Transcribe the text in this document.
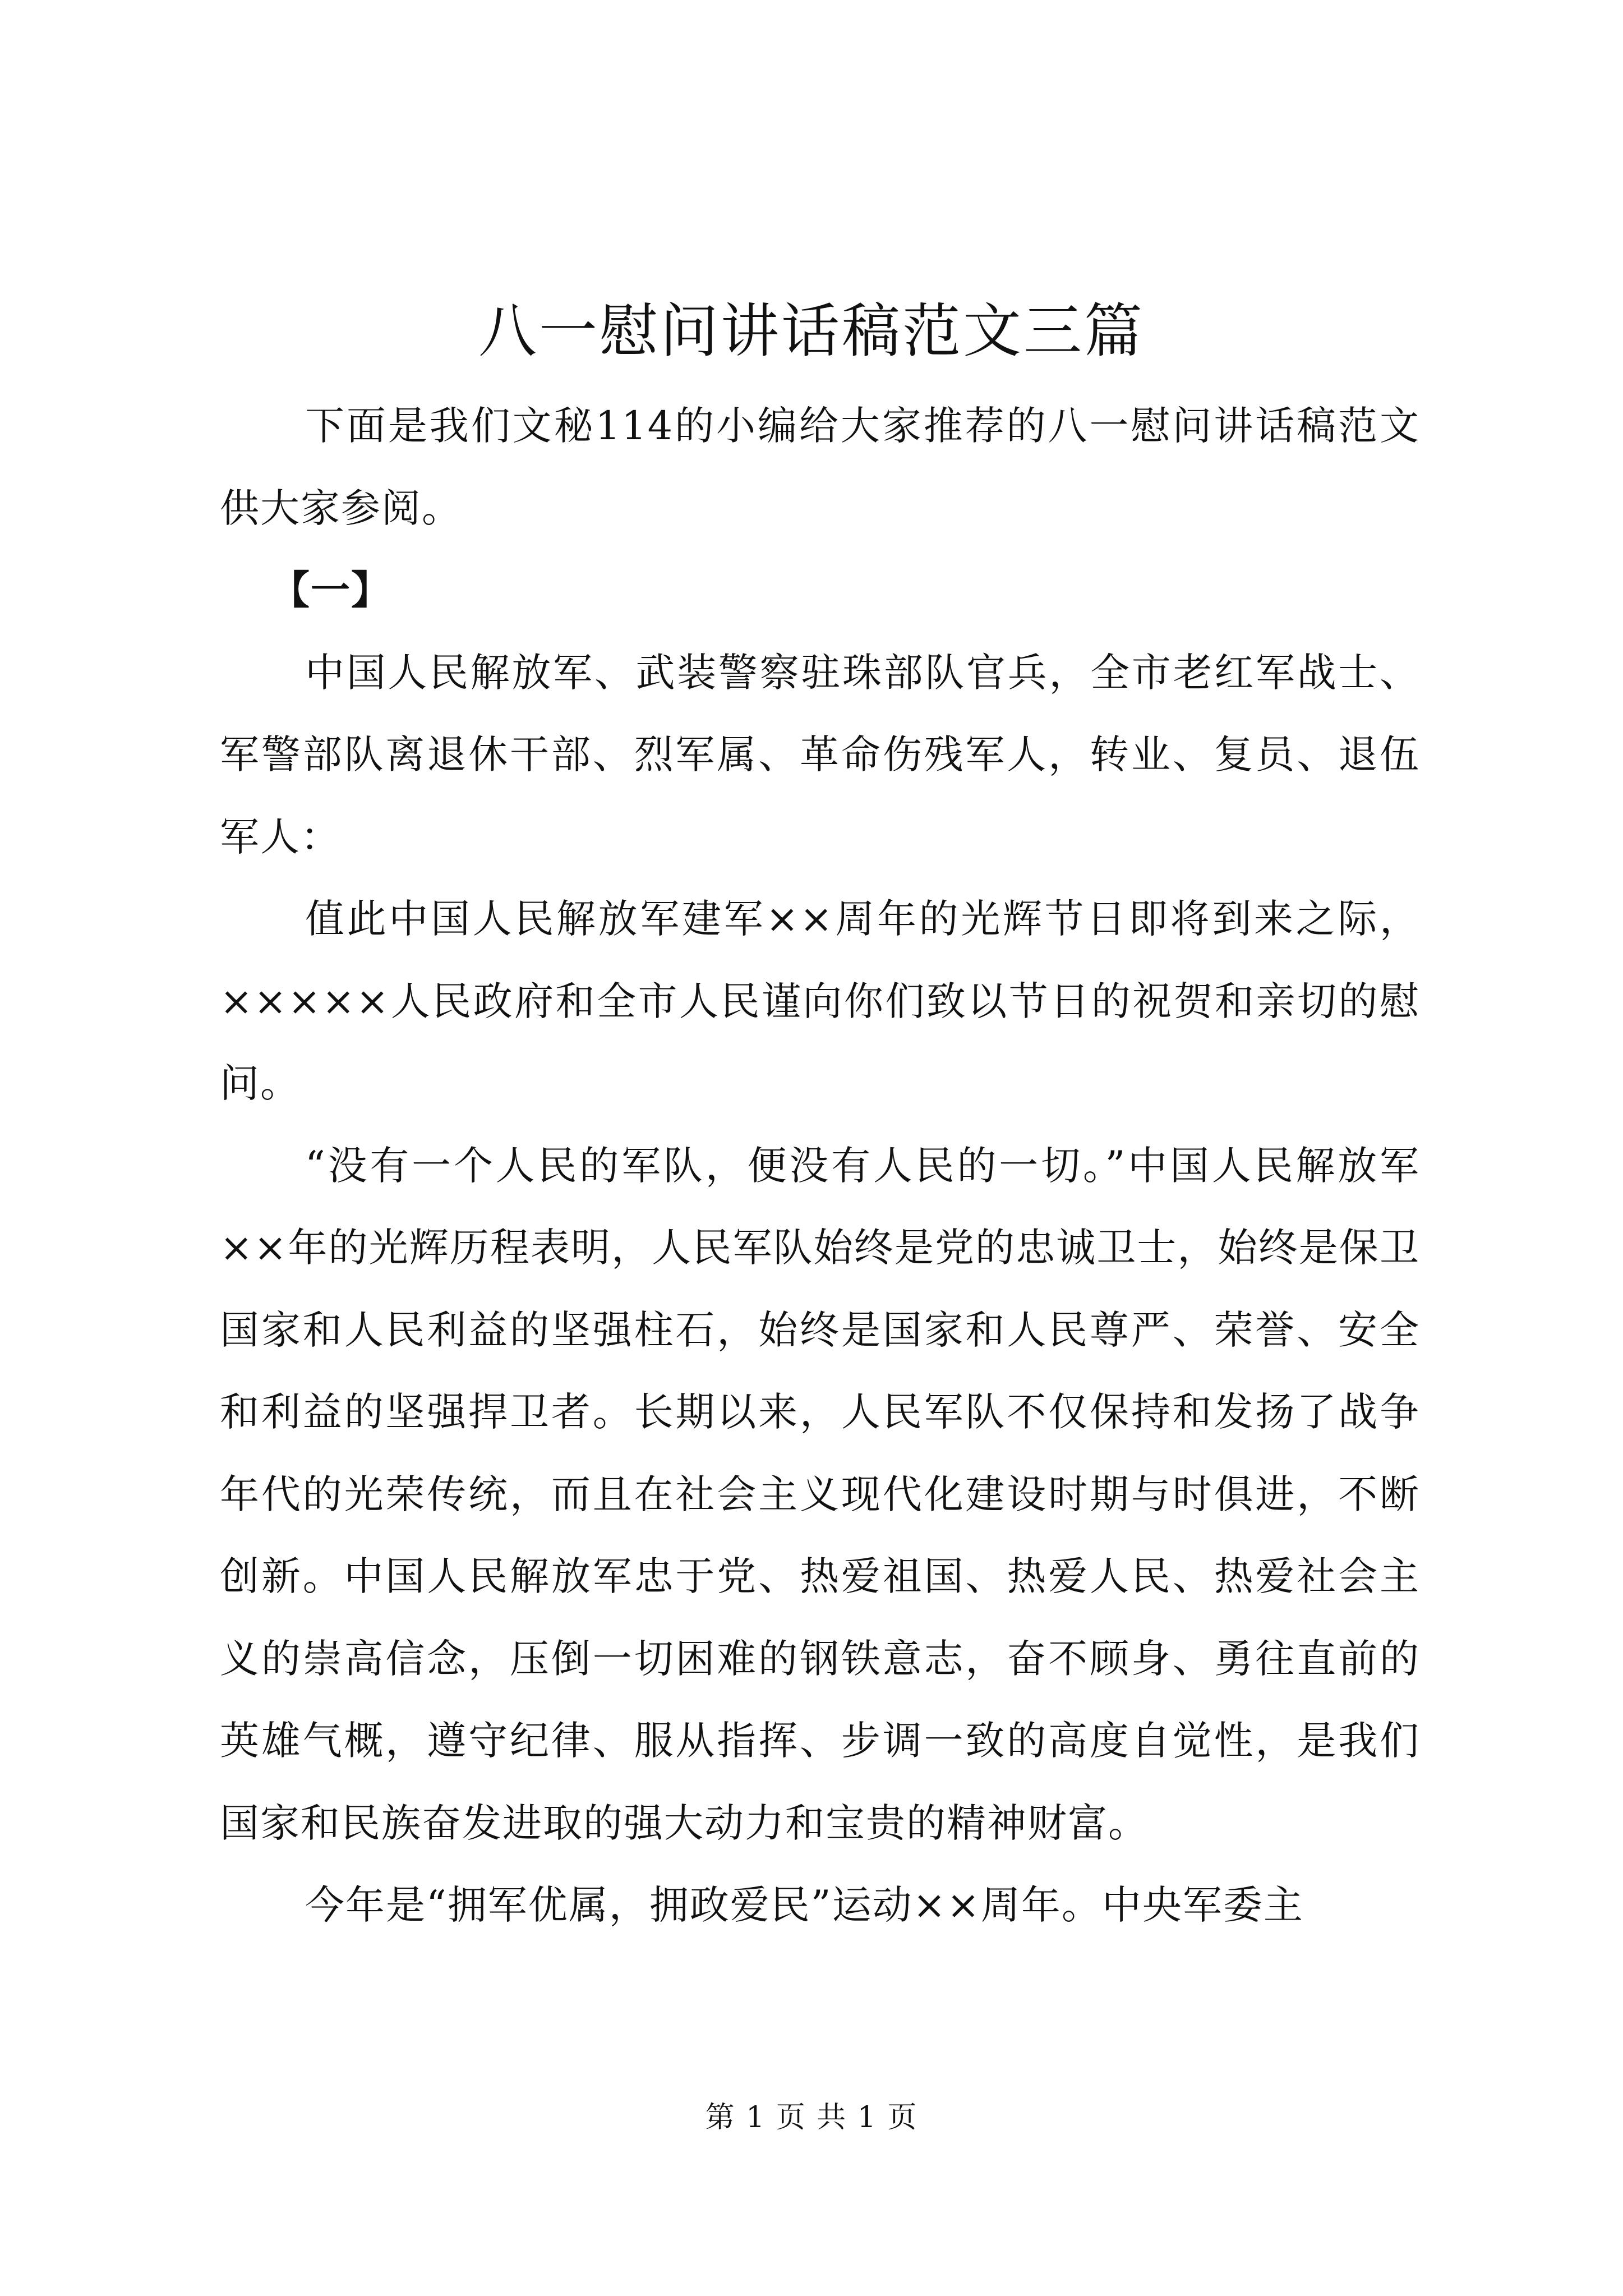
八一慰问讲话稿范文三篇

下面是我们文秘114的小编给大家推荐的八一慰问讲话稿范文供大家参阅。

【一】

中国人民解放军、武装警察驻珠部队官兵，全市老红军战士、军警部队离退休干部、烈军属、革命伤残军人，转业、复员、退伍军人：

值此中国人民解放军建军××周年的光辉节日即将到来之际，×××××人民政府和全市人民谨向你们致以节日的祝贺和亲切的慰问。

“没有一个人民的军队，便没有人民的一切。”中国人民解放军××年的光辉历程表明，人民军队始终是党的忠诚卫士，始终是保卫国家和人民利益的坚强柱石，始终是国家和人民尊严、荣誉、安全和利益的坚强捍卫者。长期以来，人民军队不仅保持和发扬了战争年代的光荣传统，而且在社会主义现代化建设时期与时俱进，不断创新。中国人民解放军忠于党、热爱祖国、热爱人民、热爱社会主义的崇高信念，压倒一切困难的钢铁意志，奋不顾身、勇往直前的英雄气概，遵守纪律、服从指挥、步调一致的高度自觉性，是我们国家和民族奋发进取的强大动力和宝贵的精神财富。

今年是“拥军优属，拥政爱民”运动××周年。中央军委主

第 1 页 共 1 页
